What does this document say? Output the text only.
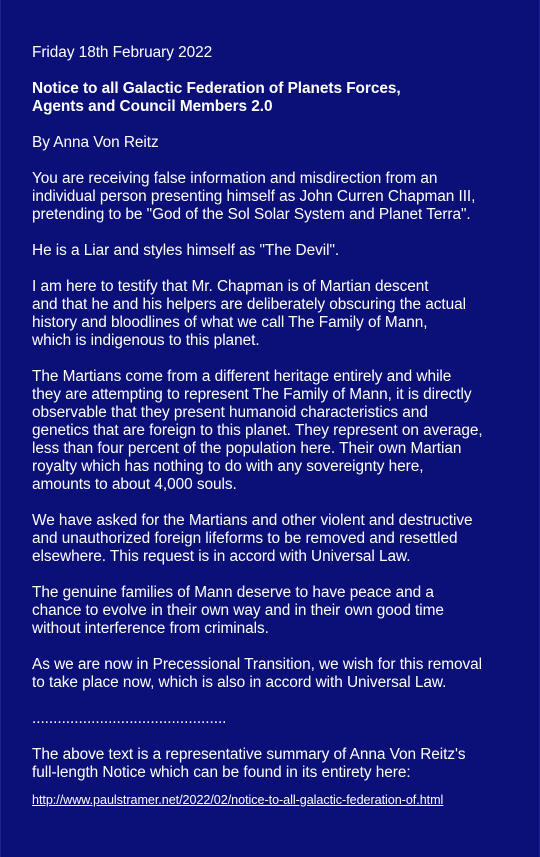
Friday 18th February 2022

Notice to all Galactic Federation of Planets Forces,
Agents and Council Members 2.0

By Anna Von Reitz

You are receiving false information and misdirection from an
individual person presenting himself as John Curren Chapman III,
pretending to be "God of the Sol Solar System and Planet Terra".

He is a Liar and styles himself as "The Devil".

I am here to testify that Mr. Chapman is of Martian descent
and that he and his helpers are deliberately obscuring the actual
history and bloodlines of what we call The Family of Mann,
which is indigenous to this planet.

The Martians come from a different heritage entirely and while
they are attempting to represent The Family of Mann, it is directly
observable that they present humanoid characteristics and
genetics that are foreign to this planet. They represent on average,
less than four percent of the population here. Their own Martian
royalty which has nothing to do with any sovereignty here,
amounts to about 4,000 souls.

We have asked for the Martians and other violent and destructive
and unauthorized foreign lifeforms to be removed and resettled
elsewhere. This request is in accord with Universal Law.

The genuine families of Mann deserve to have peace and a
chance to evolve in their own way and in their own good time
without interference from criminals.

As we are now in Precessional Transition, we wish for this removal
to take place now, which is also in accord with Universal Law.

..............................................

The above text is a representative summary of Anna Von Reitz's
full-length Notice which can be found in its entirety here:

http://www.paulstramer.net/2022/02/notice-to-all-galactic-federation-of.html
